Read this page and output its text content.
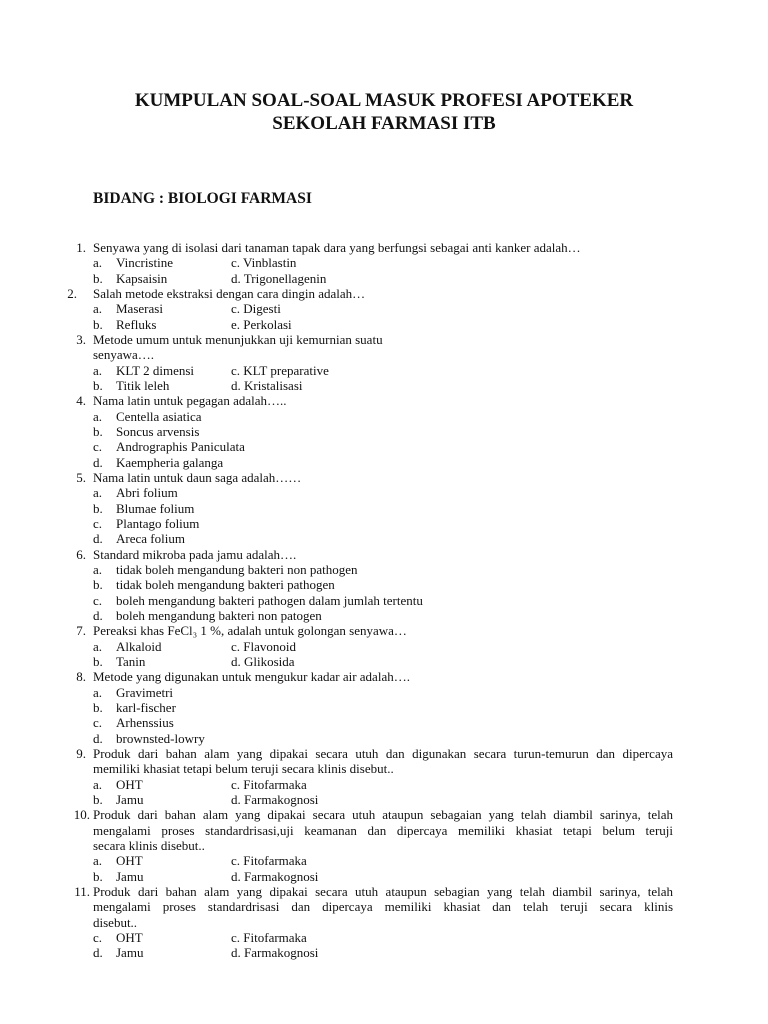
KUMPULAN SOAL-SOAL MASUK PROFESI APOTEKER
SEKOLAH FARMASI ITB
BIDANG : BIOLOGI FARMASI
1. Senyawa yang di isolasi dari tanaman tapak dara yang berfungsi sebagai anti kanker adalah…
a. Vincristine	c. Vinblastin
b. Kapsaisin	d. Trigonellagenin
2. Salah metode ekstraksi dengan cara dingin adalah…
a. Maserasi	c. Digesti
b. Refluks	e. Perkolasi
3. Metode umum untuk menunjukkan uji kemurnian suatu
senyawa….
a. KLT 2 dimensi	c. KLT preparative
b. Titik leleh	d. Kristalisasi
4. Nama latin untuk pegagan adalah…..
a. Centella asiatica
b. Soncus arvensis
c. Andrographis Paniculata
d. Kaempheria galanga
5. Nama latin untuk daun saga adalah……
a. Abri folium
b. Blumae folium
c. Plantago folium
d. Areca folium
6. Standard mikroba pada jamu adalah….
a. tidak boleh mengandung bakteri non pathogen
b. tidak boleh mengandung bakteri pathogen
c. boleh mengandung bakteri pathogen dalam jumlah tertentu
d. boleh mengandung bakteri non patogen
7. Pereaksi khas FeCl₃ 1 %, adalah untuk golongan senyawa…
a. Alkaloid	c. Flavonoid
b. Tanin	d. Glikosida
8. Metode yang digunakan untuk mengukur kadar air adalah….
a. Gravimetri
b. karl-fischer
c. Arhenssius
d. brownsted-lowry
9. Produk dari bahan alam yang dipakai secara utuh dan digunakan secara turun-temurun dan dipercaya
memiliki khasiat tetapi belum teruji secara klinis disebut..
a. OHT	c. Fitofarmaka
b. Jamu	d. Farmakognosi
10. Produk dari bahan alam yang dipakai secara utuh ataupun sebagaian yang telah diambil sarinya, telah
mengalami proses standardrisasi,uji keamanan dan dipercaya memiliki khasiat tetapi belum teruji
secara klinis disebut..
a. OHT	c. Fitofarmaka
b. Jamu	d. Farmakognosi
11. Produk dari bahan alam yang dipakai secara utuh ataupun sebagian yang telah diambil sarinya, telah
mengalami proses standardrisasi dan dipercaya memiliki khasiat dan telah teruji secara klinis
disebut..
c. OHT	c. Fitofarmaka
d. Jamu	d. Farmakognosi
